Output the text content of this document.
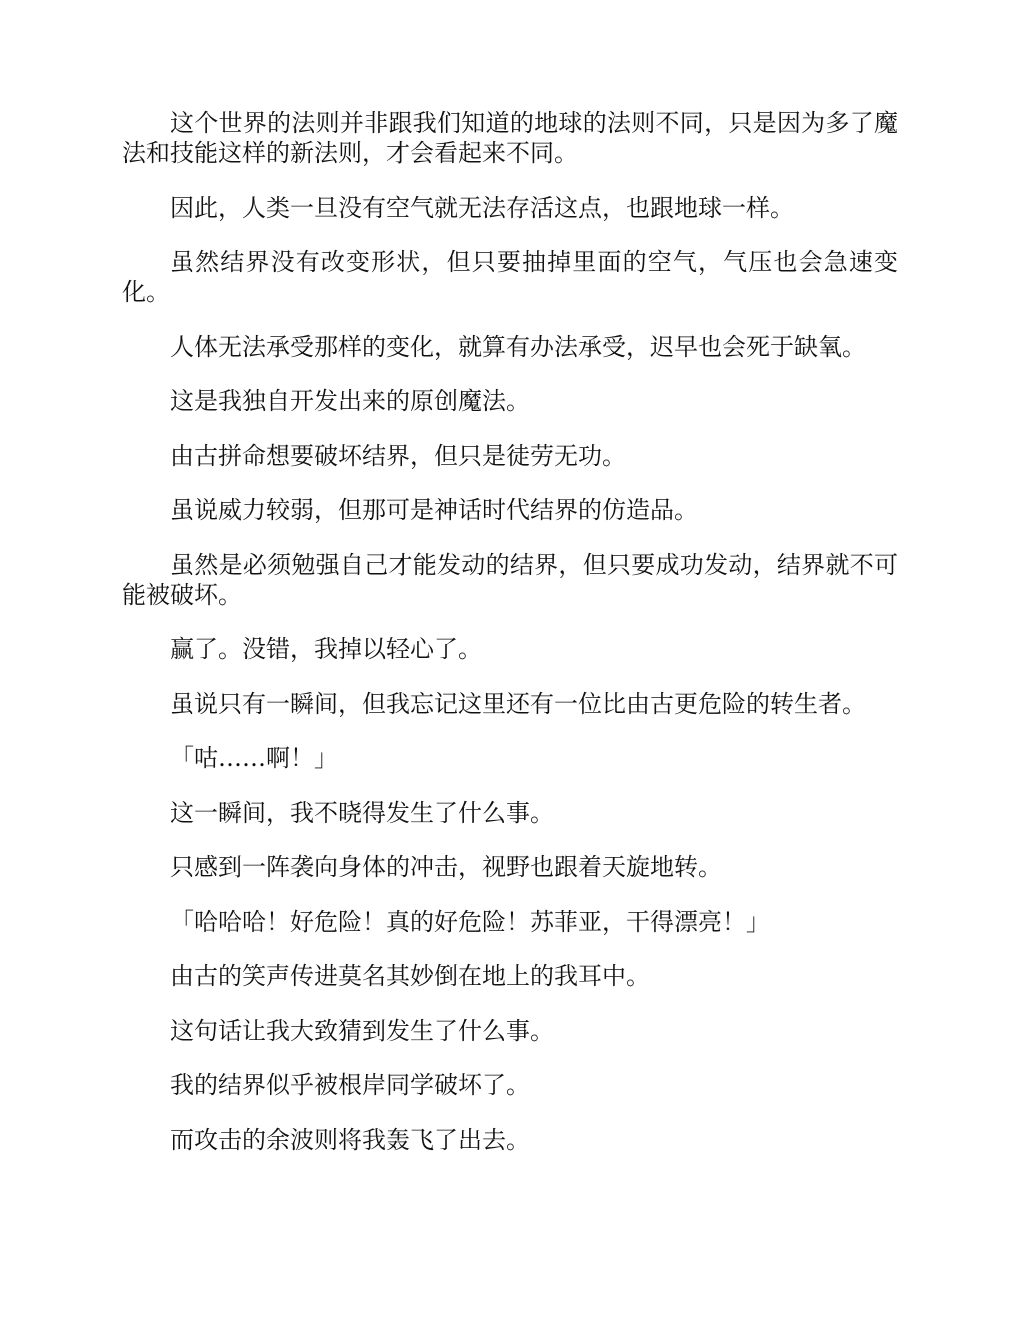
这个世界的法则并非跟我们知道的地球的法则不同，只是因为多了魔法和技能这样的新法则，才会看起来不同。

因此，人类一旦没有空气就无法存活这点，也跟地球一样。

虽然结界没有改变形状，但只要抽掉里面的空气，气压也会急速变化。

人体无法承受那样的变化，就算有办法承受，迟早也会死于缺氧。

这是我独自开发出来的原创魔法。

由古拼命想要破坏结界，但只是徒劳无功。

虽说威力较弱，但那可是神话时代结界的仿造品。

虽然是必须勉强自己才能发动的结界，但只要成功发动，结界就不可能被破坏。

赢了。没错，我掉以轻心了。

虽说只有一瞬间，但我忘记这里还有一位比由古更危险的转生者。

「咕……啊！」

这一瞬间，我不晓得发生了什么事。

只感到一阵袭向身体的冲击，视野也跟着天旋地转。

「哈哈哈！好危险！真的好危险！苏菲亚，干得漂亮！」

由古的笑声传进莫名其妙倒在地上的我耳中。

这句话让我大致猜到发生了什么事。

我的结界似乎被根岸同学破坏了。

而攻击的余波则将我轰飞了出去。
